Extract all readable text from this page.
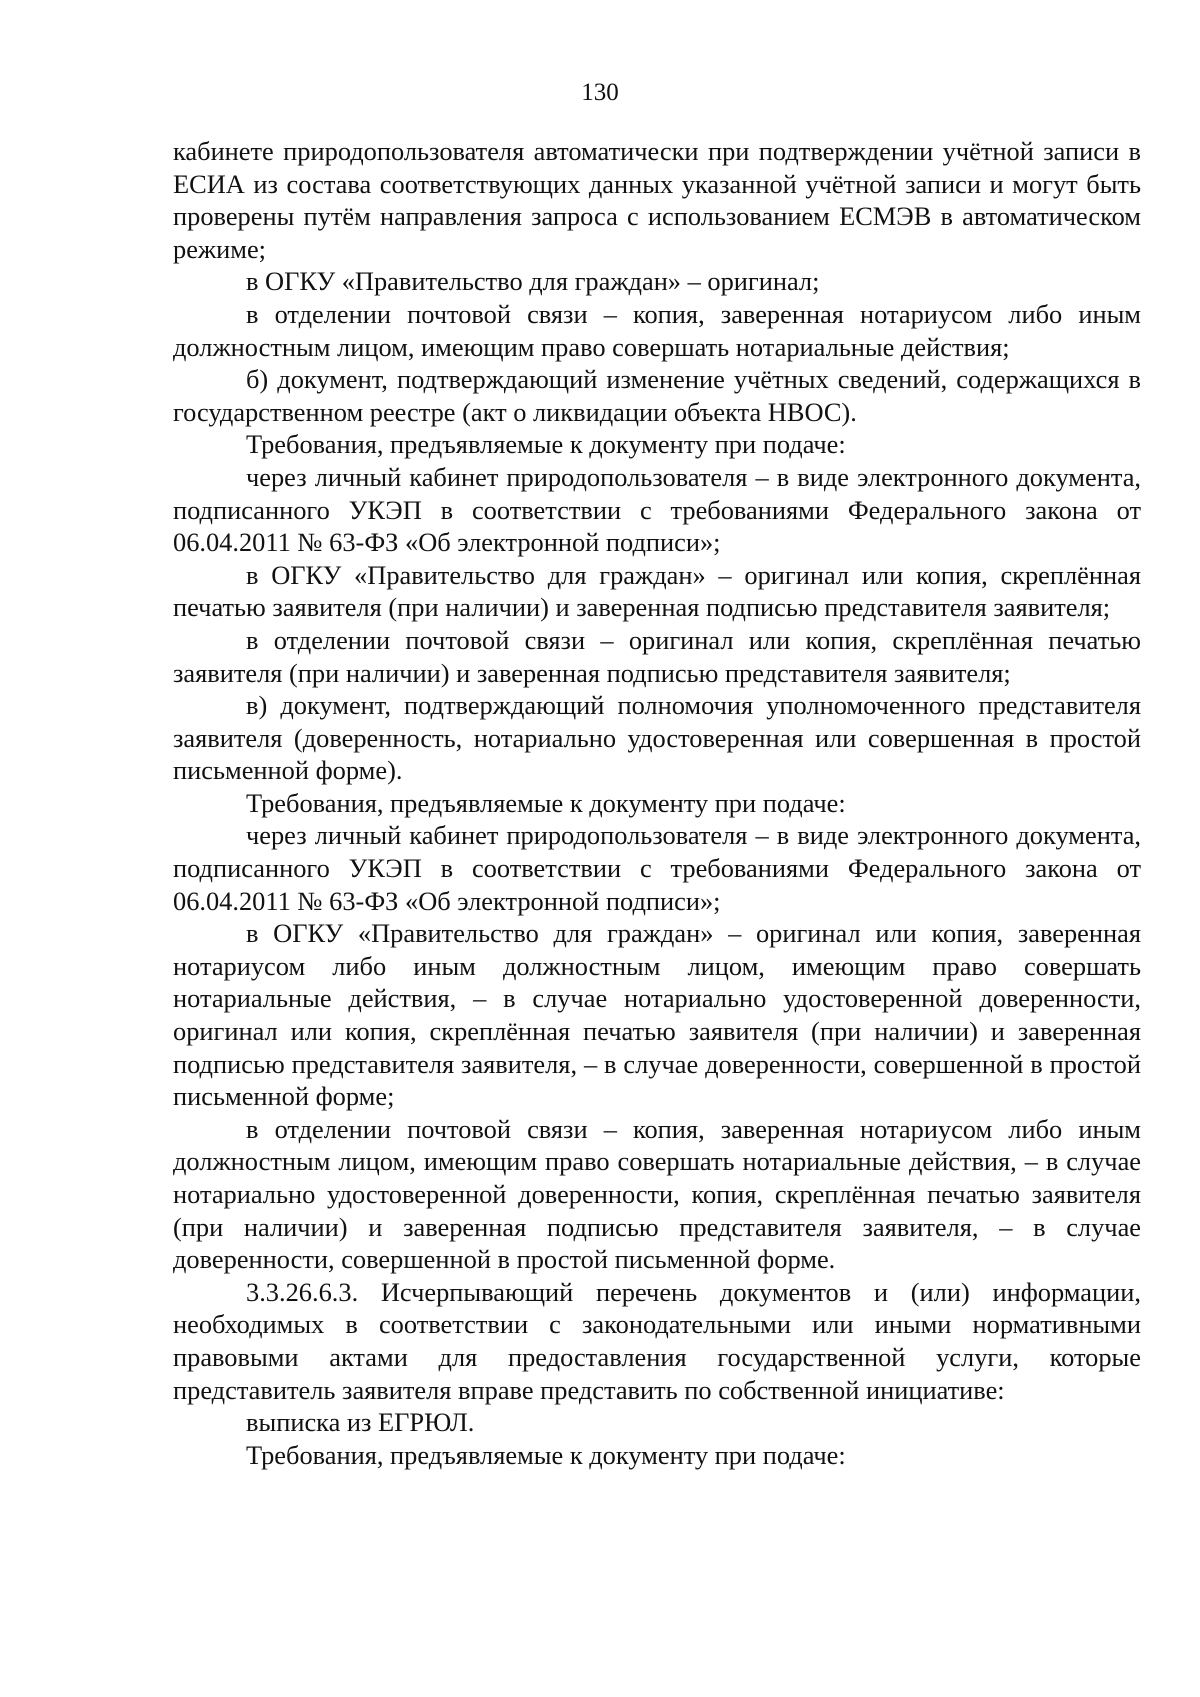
130

кабинете природопользователя автоматически при подтверждении учётной записи в ЕСИА из состава соответствующих данных указанной учётной записи и могут быть проверены путём направления запроса с использованием ЕСМЭВ в автоматическом режиме;

в ОГКУ «Правительство для граждан» – оригинал;

в отделении почтовой связи – копия, заверенная нотариусом либо иным должностным лицом, имеющим право совершать нотариальные действия;

б) документ, подтверждающий изменение учётных сведений, содержащихся в государственном реестре (акт о ликвидации объекта НВОС).

Требования, предъявляемые к документу при подаче:

через личный кабинет природопользователя – в виде электронного документа, подписанного УКЭП в соответствии с требованиями Федерального закона от 06.04.2011 № 63-ФЗ «Об электронной подписи»;

в ОГКУ «Правительство для граждан» – оригинал или копия, скреплённая печатью заявителя (при наличии) и заверенная подписью представителя заявителя;

в отделении почтовой связи – оригинал или копия, скреплённая печатью заявителя (при наличии) и заверенная подписью представителя заявителя;

в) документ, подтверждающий полномочия уполномоченного представителя заявителя (доверенность, нотариально удостоверенная или совершенная в простой письменной форме).

Требования, предъявляемые к документу при подаче:

через личный кабинет природопользователя – в виде электронного документа, подписанного УКЭП в соответствии с требованиями Федерального закона от 06.04.2011 № 63-ФЗ «Об электронной подписи»;

в ОГКУ «Правительство для граждан» – оригинал или копия, заверенная нотариусом либо иным должностным лицом, имеющим право совершать нотариальные действия, – в случае нотариально удостоверенной доверенности, оригинал или копия, скреплённая печатью заявителя (при наличии) и заверенная подписью представителя заявителя, – в случае доверенности, совершенной в простой письменной форме;

в отделении почтовой связи – копия, заверенная нотариусом либо иным должностным лицом, имеющим право совершать нотариальные действия, – в случае нотариально удостоверенной доверенности, копия, скреплённая печатью заявителя (при наличии) и заверенная подписью представителя заявителя, – в случае доверенности, совершенной в простой письменной форме.

3.3.26.6.3. Исчерпывающий перечень документов и (или) информации, необходимых в соответствии с законодательными или иными нормативными правовыми актами для предоставления государственной услуги, которые представитель заявителя вправе представить по собственной инициативе:

выписка из ЕГРЮЛ.

Требования, предъявляемые к документу при подаче:
